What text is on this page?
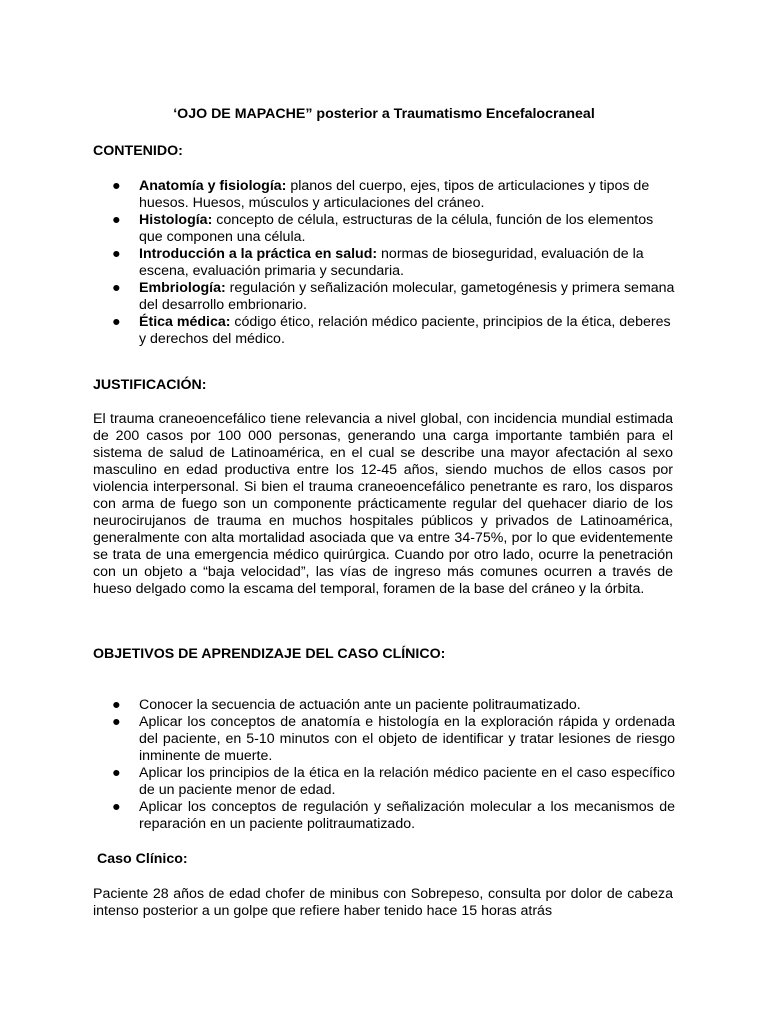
‘OJO DE MAPACHE” posterior a Traumatismo Encefalocraneal

CONTENIDO:

● Anatomía y fisiología: planos del cuerpo, ejes, tipos de articulaciones y tipos de huesos. Huesos, músculos y articulaciones del cráneo.
● Histología: concepto de célula, estructuras de la célula, función de los elementos que componen una célula.
● Introducción a la práctica en salud: normas de bioseguridad, evaluación de la escena, evaluación primaria y secundaria.
● Embriología: regulación y señalización molecular, gametogénesis y primera semana del desarrollo embrionario.
● Ética médica: código ético, relación médico paciente, principios de la ética, deberes y derechos del médico.

JUSTIFICACIÓN:

El trauma craneoencefálico tiene relevancia a nivel global, con incidencia mundial estimada de 200 casos por 100 000 personas, generando una carga importante también para el sistema de salud de Latinoamérica, en el cual se describe una mayor afectación al sexo masculino en edad productiva entre los 12-45 años, siendo muchos de ellos casos por violencia interpersonal. Si bien el trauma craneoencefálico penetrante es raro, los disparos con arma de fuego son un componente prácticamente regular del quehacer diario de los neurocirujanos de trauma en muchos hospitales públicos y privados de Latinoamérica, generalmente con alta mortalidad asociada que va entre 34-75%, por lo que evidentemente se trata de una emergencia médico quirúrgica. Cuando por otro lado, ocurre la penetración con un objeto a “baja velocidad”, las vías de ingreso más comunes ocurren a través de hueso delgado como la escama del temporal, foramen de la base del cráneo y la órbita.

OBJETIVOS DE APRENDIZAJE DEL CASO CLÍNICO:

● Conocer la secuencia de actuación ante un paciente politraumatizado.
● Aplicar los conceptos de anatomía e histología en la exploración rápida y ordenada del paciente, en 5-10 minutos con el objeto de identificar y tratar lesiones de riesgo inminente de muerte.
● Aplicar los principios de la ética en la relación médico paciente en el caso específico de un paciente menor de edad.
● Aplicar los conceptos de regulación y señalización molecular a los mecanismos de reparación en un paciente politraumatizado.

Caso Clínico:

Paciente 28 años de edad chofer de minibus con Sobrepeso, consulta por dolor de cabeza intenso posterior a un golpe que refiere haber tenido hace 15 horas atrás
